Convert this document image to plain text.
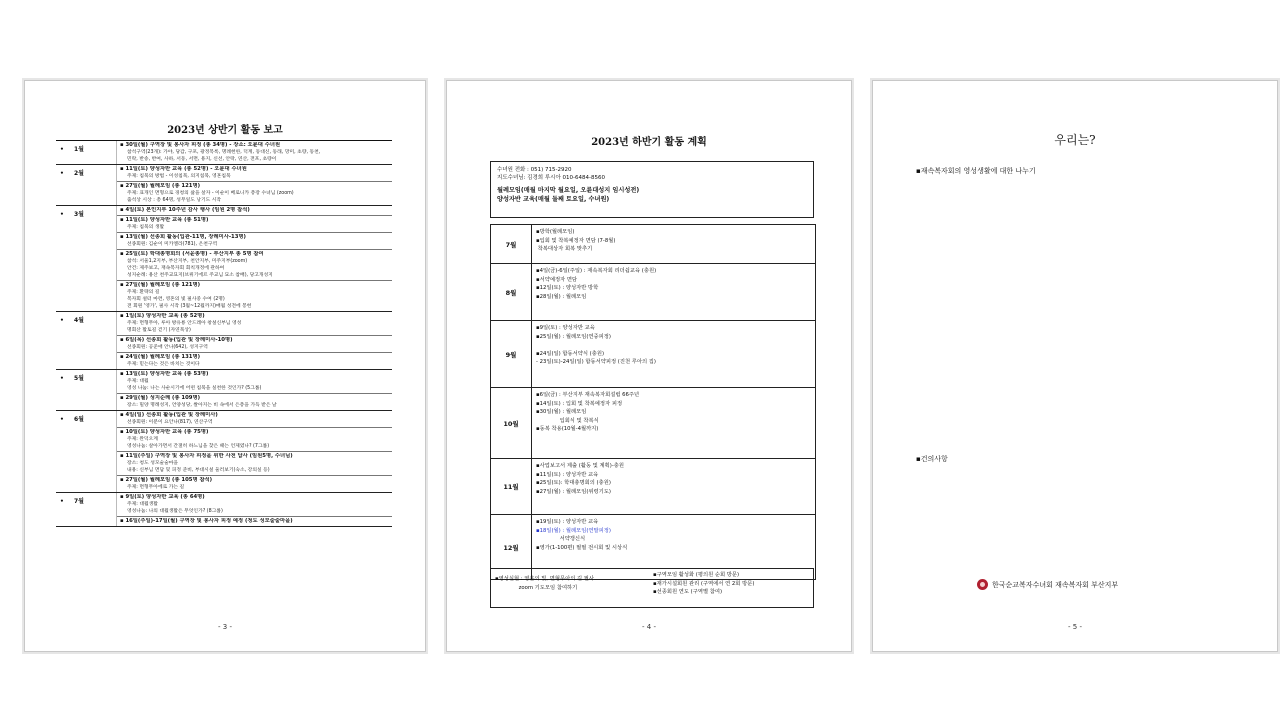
2023년 상반기 활동 보고
• 1월
▪ 30일(월) 구역장 및 봉사자 피정 (총 34명) - 장소: 오륜대 수녀원
참석구역(23개): 가야, 당감, 구포, 광정복록, 명례헌한, 덕계, 동대신, 동래, 망미, 초량, 동천,
민락, 반송, 반여, 사하, 서동, 서면, 용지, 신선, 안락, 연산, 전포, 초량이
• 2월
▪ 11일(토) 양성자반 교육 (총 52명) - 오륜대 수녀원
주제: 침묵의 방법 - 이성침묵, 의지침묵, 영혼침묵
▪ 27일(월) 월례모임 (총 121명)
주제: 표개인 면형으로 경청의 삶을 살자 - 이순이 베로니카 총장 수녀님 (zoom)
출석상 시상 : 총 64명, 성무일도 낭기도 시작
• 3월
▪ 4일(토) 본인지부 10주년 감사 행사 (임원 2명 참석)
▪ 11일(토) 양성자반 교육 (총 51명)
주제: 침묵의 생활
▪ 13일(월) 선종회 활동(입관-11명, 장례미사-13명)
선종회원: 김순이 미카엘라(781), 온천구역
▪ 25일(토) 학대총명회의 (서윤총명) - 부산지부 총 5명 참여
참석: 서울1,2지부, 부산지부, 천안지부, 미주지부(zoom)
안건: 제주보고, 재속복자회 회칙개정에 관하여
성지순례: 용산 천주교묘지(브뤼기에르 주교님 묘소 참배), 당고개성지
▪ 27일(월) 월례모임 (총 121명)
주제: 환략의 길
복자회 설터 마련, 영혼의 빛 필사중 수여 (2명)
전 회원 '영가', 필사 시작 (3월~12월까지)매월 성전에 봉헌
• 4월
▪ 1일(토) 양성자반 교육 (총 52명)
주제: 면형무아, 루아 방유룡 안드레아 창설신부님 영성
명회산 활토길 걷기 (자연묵상)
▪ 6일(목) 선종회 활동(입관 및 장례미사-10명)
선종회원: 공준애 안나(642), 성지구역
▪ 24일(월) 월례모임 (총 131명)
주제: 믿는다는 것은 바치는 것이다
• 5월
▪ 13일(토) 양성자반 교육 (총 53명)
주제: 대월
영성 나눔: 나는 사순시기에 어떤 침묵을 실천한 것인가? (5그룹)
▪ 29일(월) 성지순례 (총 109명)
장소: 밀양 명례성지, 언양성당, 쌀아지는 비 속에서 은총을 가득 받은 날
• 6월
▪ 4일(일) 선종회 활동(입관 및 장례미사)
선종회원: 이분이 요안나(817), 연산구역
▪ 10일(토) 양성자반 교육 (총 75명)
주제: 완덕오계
영성나눔: 살아가면서 간절히 하느님을 찾은 때는 언제였나? (7그룹)
▪ 11일(주일) 구역장 및 봉사자 피정을 위한 사전 답사 (임원5명, 수녀님)
장소: 청도 성모술술마을
내용: 신부님 면담 및 피정 준비, 부대시설 둘러보기(숙소, 강의실 등)
▪ 27일(월) 월례모임 (총 105명 참석)
주제: 면형무아에로 가는 길
• 7월
▪ 9일(토) 양성자반 교육 (총 64명)
주제: 대월생활
영성나눔: 나의 대월생활은 무엇인가? (8그룹)
▪ 16일(주일)-17일(월) 구역장 및 봉사자 피정 예정 (청도 성모술술마을)
- 3 -
2023년 하반기 활동 계획
수녀원 전화 : 051) 715-2920
지도수녀님: 김경희 루시아 010-6484-8560
월례모임(매월 마지막 월요일, 오륜대성지 임시성전)
양성자반 교육(매월 둘째 토요일, 수녀원)
7월
▪방학(월례모임)
▪입회 및 착복예정자 면담 (7-8월)
착복대상자 회복 맞추기
8월
▪4일(금)-6일(주일) : 재속복자회 리더쉽교육 (충원)
▪서약예정자 면담
▪12일(토) : 양성자반 방학
▪28일(월) : 월례모임
9월
▪9일(토) : 양성자반 교육
▪25일(월) : 월례모임(연중피정)

▪24일(일) 합동서약식 (충원)
- 23일(토)-24일(일) 합동서약피정 (진천 루아의 집)
10월
▪6일(금) : 부산지부 재속복자회설립 66주년
▪14일(토) : 입회 및 착복예정자 피정
▪30일(월) : 월례모임
입회식 및 착복식
▪동복 착용(10월-4월까지)
11월
▪사업보고서 제출 (활동 및 계획)-충원
▪11일(토) : 양성자반 교육
▪25일(토): 학대총명회의 (충원)
▪27일(월) : 월례모임(위령기도)
12월
▪19일(토) : 양성자반 교육
▪18일(월) : 월례모임(연말피정)
서약갱신식
▪영가(1-100편) 필필 전시회 및 시상식
▪영성실현 : 영혼의 빛, 면형무아의 길 필사
zoom 기도모임 참여하기
▪구역모임 활성화 (평의원 순회 방문)
▪재가시설회원 관리 (구역에서 연 2회 방문)
▪선종회원 연도 (구역별 참여)
- 4 -
우리는?
▪재속복자회의 영성생활에 대한 나누기
▪건의사항
한국순교복자수녀회 재속복자회 부산지부
- 5 -
